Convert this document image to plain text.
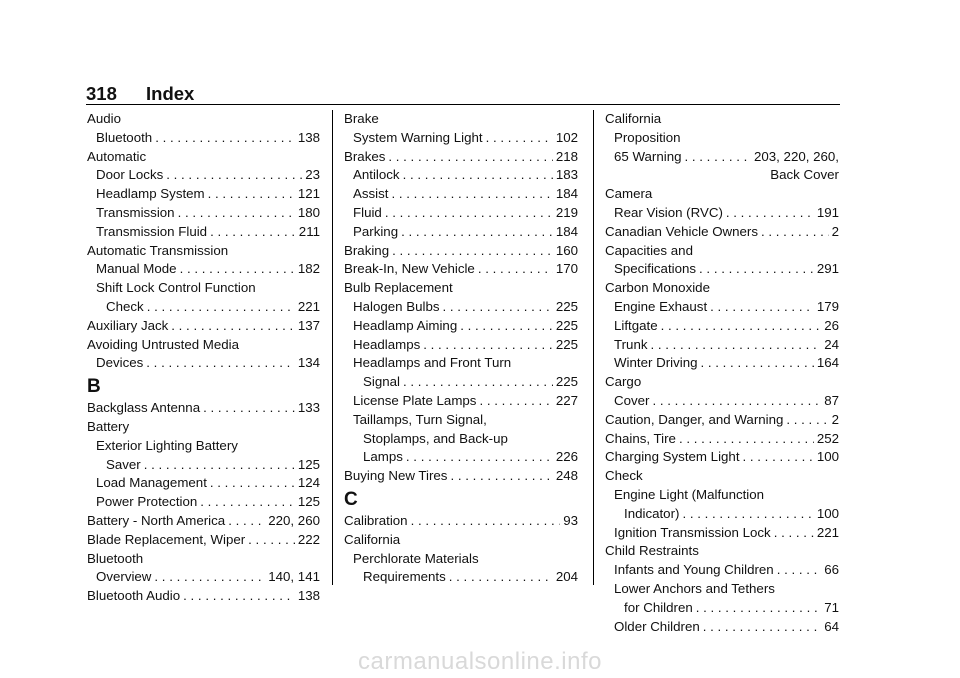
318 Index
Audio
Bluetooth . . .	138
Automatic
Door Locks . . .	23
Headlamp System . . .	121
Transmission . . .	180
Transmission Fluid . . .	211
Automatic Transmission
Manual Mode . . .	182
Shift Lock Control Function
Check . . .	221
Auxiliary Jack . . .	137
Avoiding Untrusted Media
Devices . . .	134
B
Backglass Antenna . . .	133
Battery
Exterior Lighting Battery
Saver . . .	125
Load Management . . .	124
Power Protection . . .	125
Battery - North America . . .	220, 260
Blade Replacement, Wiper . . .	222
Bluetooth
Overview . . .	140, 141
Bluetooth Audio . . .	138
Brake
System Warning Light . . .	102
Brakes . . .	218
Antilock . . .	183
Assist . . .	184
Fluid . . .	219
Parking . . .	184
Braking . . .	160
Break-In, New Vehicle . . .	170
Bulb Replacement
Halogen Bulbs . . .	225
Headlamp Aiming . . .	225
Headlamps . . .	225
Headlamps and Front Turn
Signal . . .	225
License Plate Lamps . . .	227
Taillamps, Turn Signal,
Stoplamps, and Back-up
Lamps . . .	226
Buying New Tires . . .	248
C
Calibration . . .	93
California
Perchlorate Materials
Requirements . . .	204
California
Proposition
65 Warning . . .	203, 220, 260,
Back Cover
Camera
Rear Vision (RVC) . . .	191
Canadian Vehicle Owners . . .	2
Capacities and
Specifications . . .	291
Carbon Monoxide
Engine Exhaust . . .	179
Liftgate . . .	26
Trunk . . .	24
Winter Driving . . .	164
Cargo
Cover . . .	87
Caution, Danger, and Warning . . .	2
Chains, Tire . . .	252
Charging System Light . . .	100
Check
Engine Light (Malfunction
Indicator) . . .	100
Ignition Transmission Lock . . .	221
Child Restraints
Infants and Young Children . . .	66
Lower Anchors and Tethers
for Children . . .	71
Older Children . . .	64
carmanualsonline.info
